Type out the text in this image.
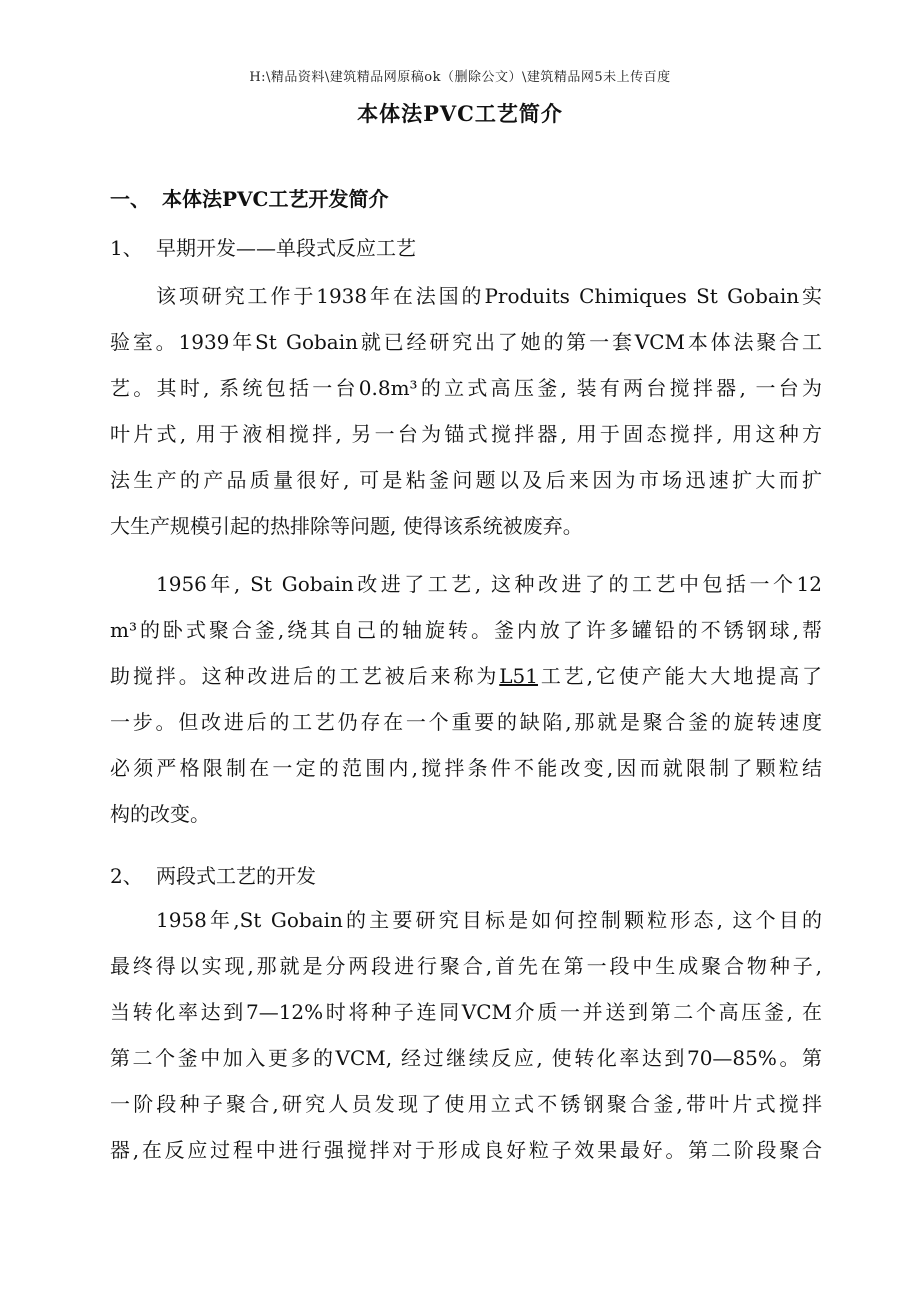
H:\精品资料\建筑精品网原稿ok（删除公文）\建筑精品网5未上传百度
本体法PVC工艺简介
一、 本体法PVC工艺开发简介
1、 早期开发——单段式反应工艺
该项研究工作于1938年在法国的Produits Chimiques St Gobain实
验室。1939年St Gobain就已经研究出了她的第一套VCM本体法聚合工
艺。其时, 系统包括一台0.8m³的立式高压釜, 装有两台搅拌器, 一台为
叶片式, 用于液相搅拌, 另一台为锚式搅拌器, 用于固态搅拌, 用这种方
法生产的产品质量很好, 可是粘釜问题以及后来因为市场迅速扩大而扩
大生产规模引起的热排除等问题, 使得该系统被废弃。
1956年, St Gobain改进了工艺, 这种改进了的工艺中包括一个12
m³的卧式聚合釜,绕其自己的轴旋转。釜内放了许多罐铅的不锈钢球,帮
助搅拌。这种改进后的工艺被后来称为L51工艺,它使产能大大地提高了
一步。但改进后的工艺仍存在一个重要的缺陷,那就是聚合釜的旋转速度
必须严格限制在一定的范围内,搅拌条件不能改变,因而就限制了颗粒结
构的改变。
2、 两段式工艺的开发
1958年,St Gobain的主要研究目标是如何控制颗粒形态, 这个目的
最终得以实现,那就是分两段进行聚合,首先在第一段中生成聚合物种子,
当转化率达到7—12%时将种子连同VCM介质一并送到第二个高压釜, 在
第二个釜中加入更多的VCM, 经过继续反应, 使转化率达到70—85%。第
一阶段种子聚合,研究人员发现了使用立式不锈钢聚合釜,带叶片式搅拌
器,在反应过程中进行强搅拌对于形成良好粒子效果最好。第二阶段聚合
